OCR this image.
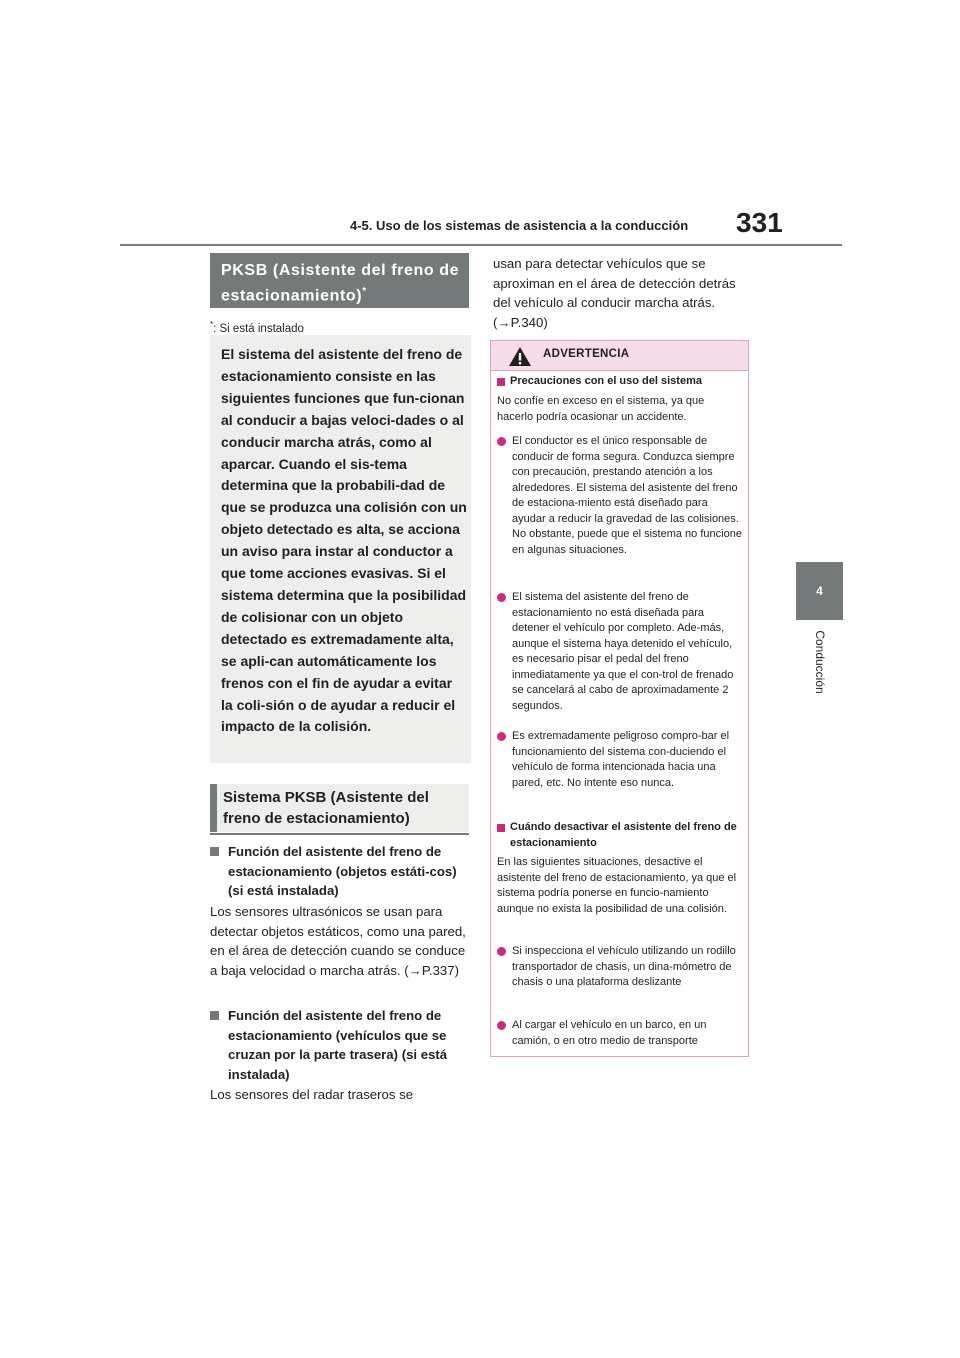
4-5. Uso de los sistemas de asistencia a la conducción 331
4
Conducción
PKSB (Asistente del freno de estacionamiento)*
*: Si está instalado
El sistema del asistente del freno de estacionamiento consiste en las siguientes funciones que fun-cionan al conducir a bajas veloci-dades o al conducir marcha atrás, como al aparcar. Cuando el sis-tema determina que la probabili-dad de que se produzca una colisión con un objeto detectado es alta, se acciona un aviso para instar al conductor a que tome acciones evasivas. Si el sistema determina que la posibilidad de colisionar con un objeto detectado es extremadamente alta, se apli-can automáticamente los frenos con el fin de ayudar a evitar la coli-sión o de ayudar a reducir el impacto de la colisión.
Sistema PKSB (Asistente del freno de estacionamiento)
Función del asistente del freno de estacionamiento (objetos estáti-cos) (si está instalada)
Los sensores ultrasónicos se usan para detectar objetos estáticos, como una pared, en el área de detección cuando se conduce a baja velocidad o marcha atrás. (→P.337)
Función del asistente del freno de estacionamiento (vehículos que se cruzan por la parte trasera) (si está instalada)
Los sensores del radar traseros se
usan para detectar vehículos que se aproximan en el área de detección detrás del vehículo al conducir marcha atrás. (→P.340)
ADVERTENCIA
Precauciones con el uso del sistema
No confíe en exceso en el sistema, ya que hacerlo podría ocasionar un accidente.
El conductor es el único responsable de conducir de forma segura. Conduzca siempre con precaución, prestando atención a los alrededores. El sistema del asistente del freno de estaciona-miento está diseñado para ayudar a reducir la gravedad de las colisiones. No obstante, puede que el sistema no funcione en algunas situaciones.
El sistema del asistente del freno de estacionamiento no está diseñada para detener el vehículo por completo. Ade-más, aunque el sistema haya detenido el vehículo, es necesario pisar el pedal del freno inmediatamente ya que el con-trol de frenado se cancelará al cabo de aproximadamente 2 segundos.
Es extremadamente peligroso compro-bar el funcionamiento del sistema con-duciendo el vehículo de forma intencionada hacia una pared, etc. No intente eso nunca.
Cuándo desactivar el asistente del freno de estacionamiento
En las siguientes situaciones, desactive el asistente del freno de estacionamiento, ya que el sistema podría ponerse en funcio-namiento aunque no exista la posibilidad de una colisión.
Si inspecciona el vehículo utilizando un rodillo transportador de chasis, un dina-mómetro de chasis o una plataforma deslizante
Al cargar el vehículo en un barco, en un camión, o en otro medio de transporte
